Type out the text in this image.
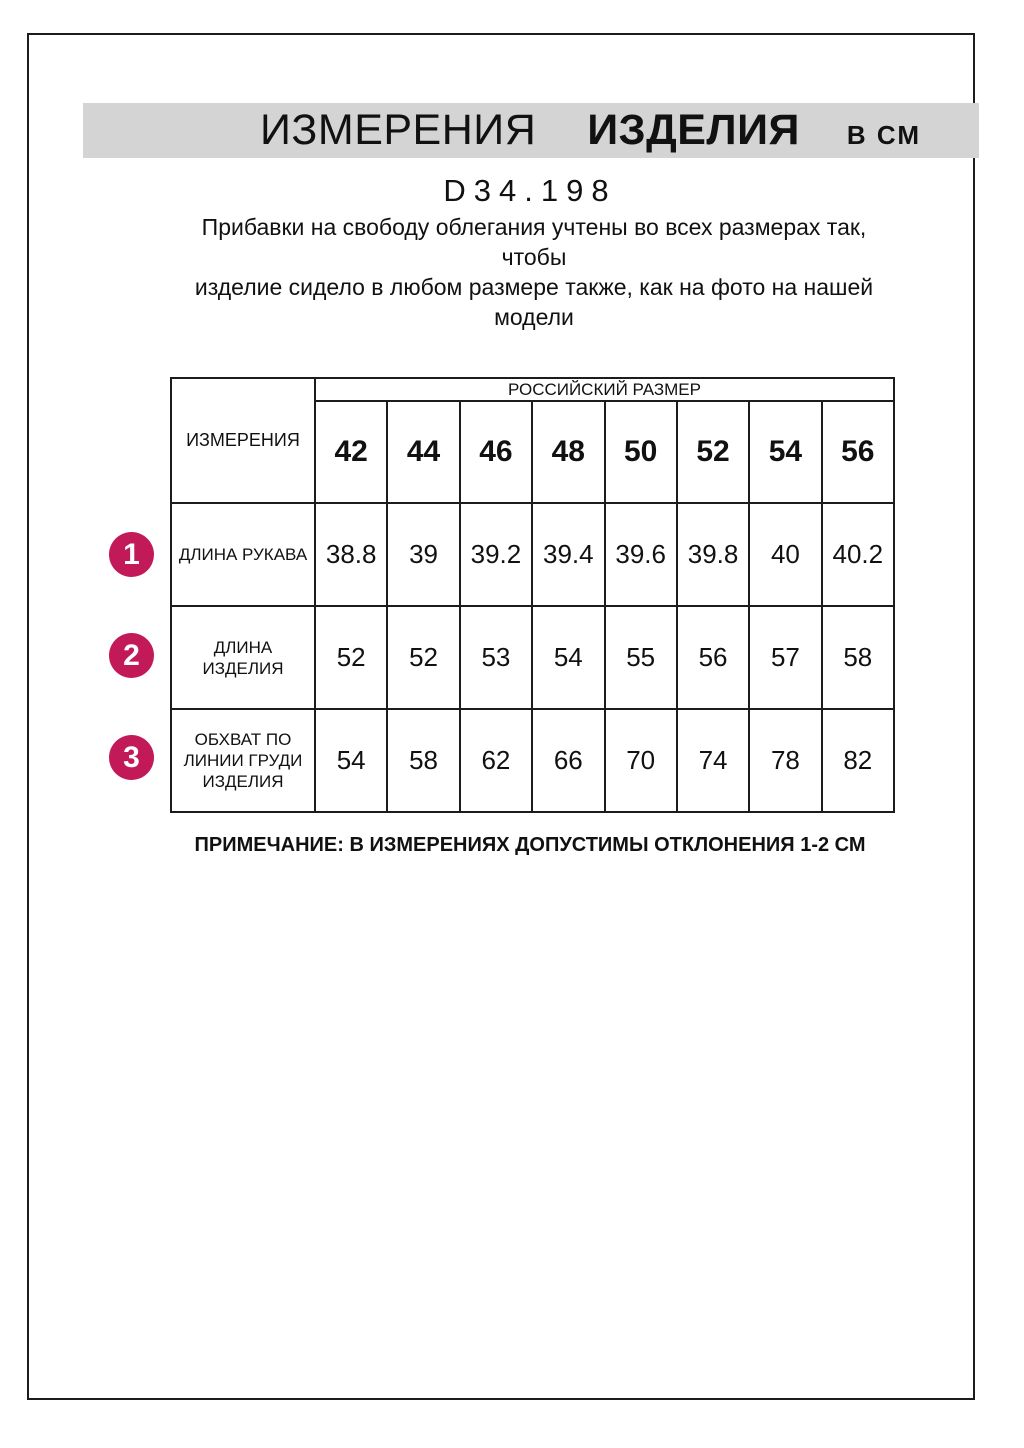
ИЗМЕРЕНИЯ ИЗДЕЛИЯ В СМ
D34.198
Прибавки на свободу облегания учтены во всех размерах так, чтобы
изделие сидело в любом размере также, как на фото на нашей
модели
ИЗМЕРЕНИЯ	РОССИЙСКИЙ РАЗМЕР							
	42	44	46	48	50	52	54	56
ДЛИНА РУКАВА	38.8	39	39.2	39.4	39.6	39.8	40	40.2
ДЛИНА
ИЗДЕЛИЯ	52	52	53	54	55	56	57	58
ОБХВАТ ПО
ЛИНИИ ГРУДИ
ИЗДЕЛИЯ	54	58	62	66	70	74	78	82
1
2
3
ПРИМЕЧАНИЕ: В ИЗМЕРЕНИЯХ ДОПУСТИМЫ ОТКЛОНЕНИЯ 1-2 СМ
